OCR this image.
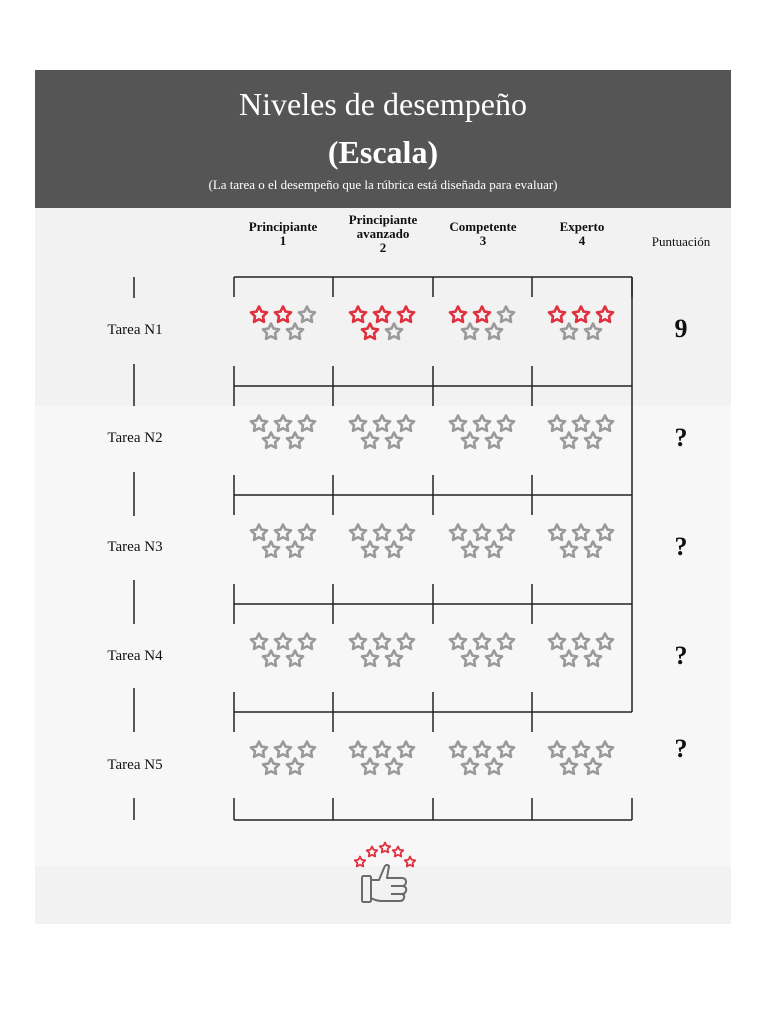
Niveles de desempeño
(Escala)
(La tarea o el desempeño que la rúbrica está diseñada para evaluar)
Principiante
1
Principiante
avanzado
2
Competente
3
Experto
4	Puntuación
Tarea N1
Tarea N2
Tarea N3
Tarea N4
Tarea N5
9
?
?
?
?
